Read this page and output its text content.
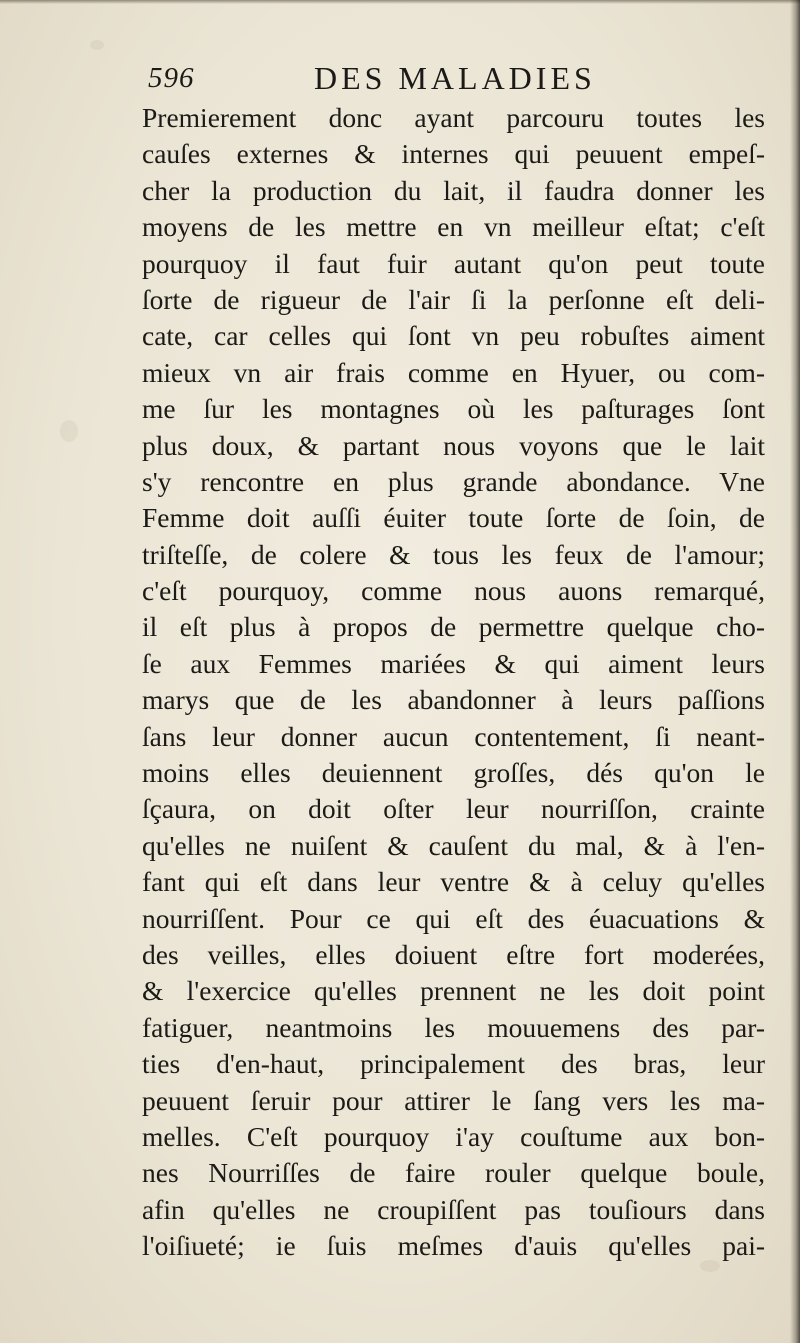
596	DES MALADIES
Premierement donc ayant parcouru toutes les
cauſes externes & internes qui peuuent empeſ-
cher la production du lait, il faudra donner les
moyens de les mettre en vn meilleur eſtat; c'eſt
pourquoy il faut fuir autant qu'on peut toute
ſorte de rigueur de l'air ſi la perſonne eſt deli-
cate, car celles qui ſont vn peu robuſtes aiment
mieux vn air frais comme en Hyuer, ou com-
me ſur les montagnes où les paſturages ſont
plus doux, & partant nous voyons que le lait
s'y rencontre en plus grande abondance. Vne
Femme doit auſſi éuiter toute ſorte de ſoin, de
triſteſſe, de colere & tous les feux de l'amour;
c'eſt pourquoy, comme nous auons remarqué,
il eſt plus à propos de permettre quelque cho-
ſe aux Femmes mariées & qui aiment leurs
marys que de les abandonner à leurs paſſions
ſans leur donner aucun contentement, ſi neant-
moins elles deuiennent groſſes, dés qu'on le
ſçaura, on doit oſter leur nourriſſon, crainte
qu'elles ne nuiſent & cauſent du mal, & à l'en-
fant qui eſt dans leur ventre & à celuy qu'elles
nourriſſent. Pour ce qui eſt des éuacuations &
des veilles, elles doiuent eſtre fort moderées,
& l'exercice qu'elles prennent ne les doit point
fatiguer, neantmoins les mouuemens des par-
ties d'en-haut, principalement des bras, leur
peuuent ſeruir pour attirer le ſang vers les ma-
melles. C'eſt pourquoy i'ay couſtume aux bon-
nes Nourriſſes de faire rouler quelque boule,
afin qu'elles ne croupiſſent pas touſiours dans
l'oiſiueté; ie ſuis meſmes d'auis qu'elles pai-
